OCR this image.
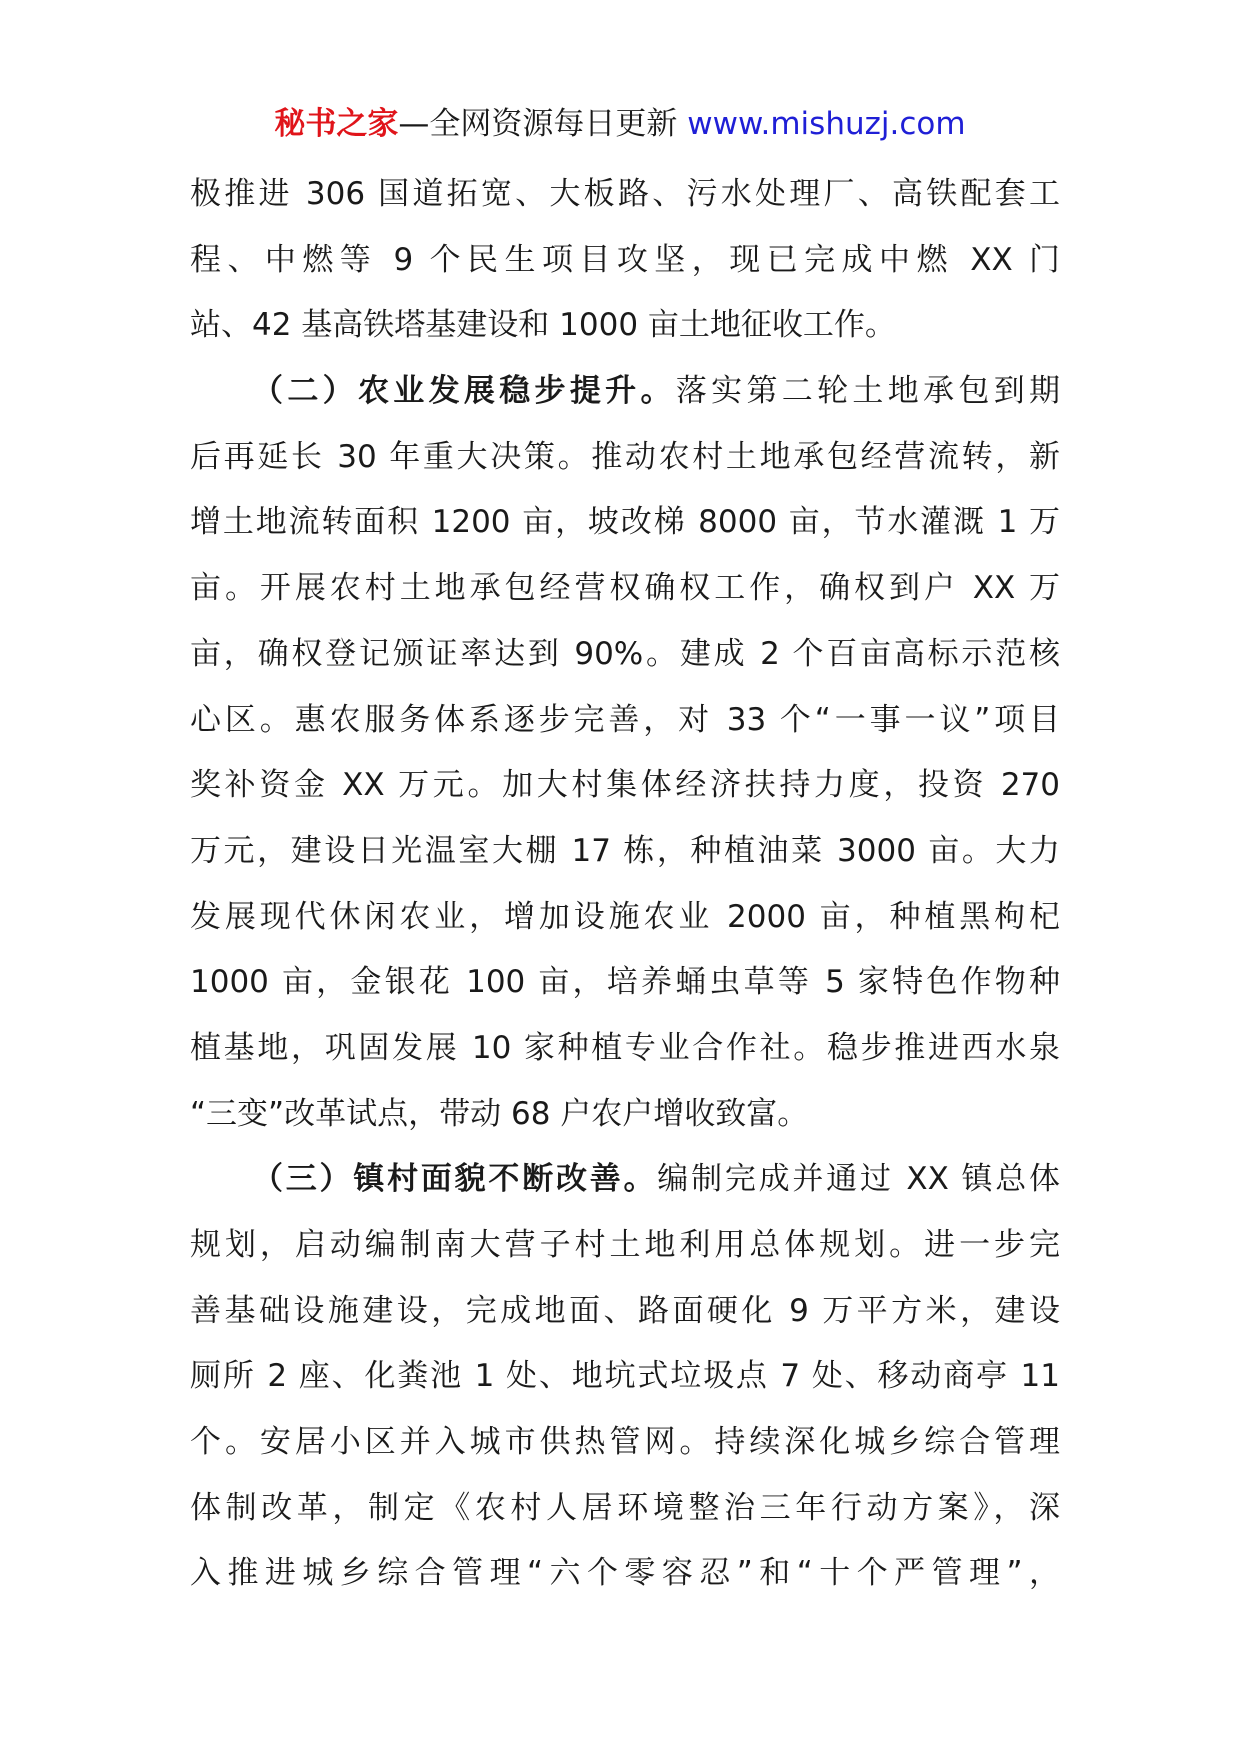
秘书之家—全网资源每日更新 www.mishuzj.com
极推进 306 国道拓宽、大板路、污水处理厂、高铁配套工
程、中燃等 9 个民生项目攻坚，现已完成中燃 XX 门
站、42 基高铁塔基建设和 1000 亩土地征收工作。
（二）农业发展稳步提升。落实第二轮土地承包到期
后再延长 30 年重大决策。推动农村土地承包经营流转，新
增土地流转面积 1200 亩，坡改梯 8000 亩，节水灌溉 1 万
亩。开展农村土地承包经营权确权工作，确权到户 XX 万
亩，确权登记颁证率达到 90%。建成 2 个百亩高标示范核
心区。惠农服务体系逐步完善，对 33 个“一事一议”项目
奖补资金 XX 万元。加大村集体经济扶持力度，投资 270
万元，建设日光温室大棚 17 栋，种植油菜 3000 亩。大力
发展现代休闲农业，增加设施农业 2000 亩，种植黑枸杞
1000 亩，金银花 100 亩，培养蛹虫草等 5 家特色作物种
植基地，巩固发展 10 家种植专业合作社。稳步推进西水泉
“三变”改革试点，带动 68 户农户增收致富。
（三）镇村面貌不断改善。编制完成并通过 XX 镇总体
规划，启动编制南大营子村土地利用总体规划。进一步完
善基础设施建设，完成地面、路面硬化 9 万平方米，建设
厕所 2 座、化粪池 1 处、地坑式垃圾点 7 处、移动商亭 11
个。安居小区并入城市供热管网。持续深化城乡综合管理
体制改革，制定《农村人居环境整治三年行动方案》，深
入推进城乡综合管理“六个零容忍”和“十个严管理”，
